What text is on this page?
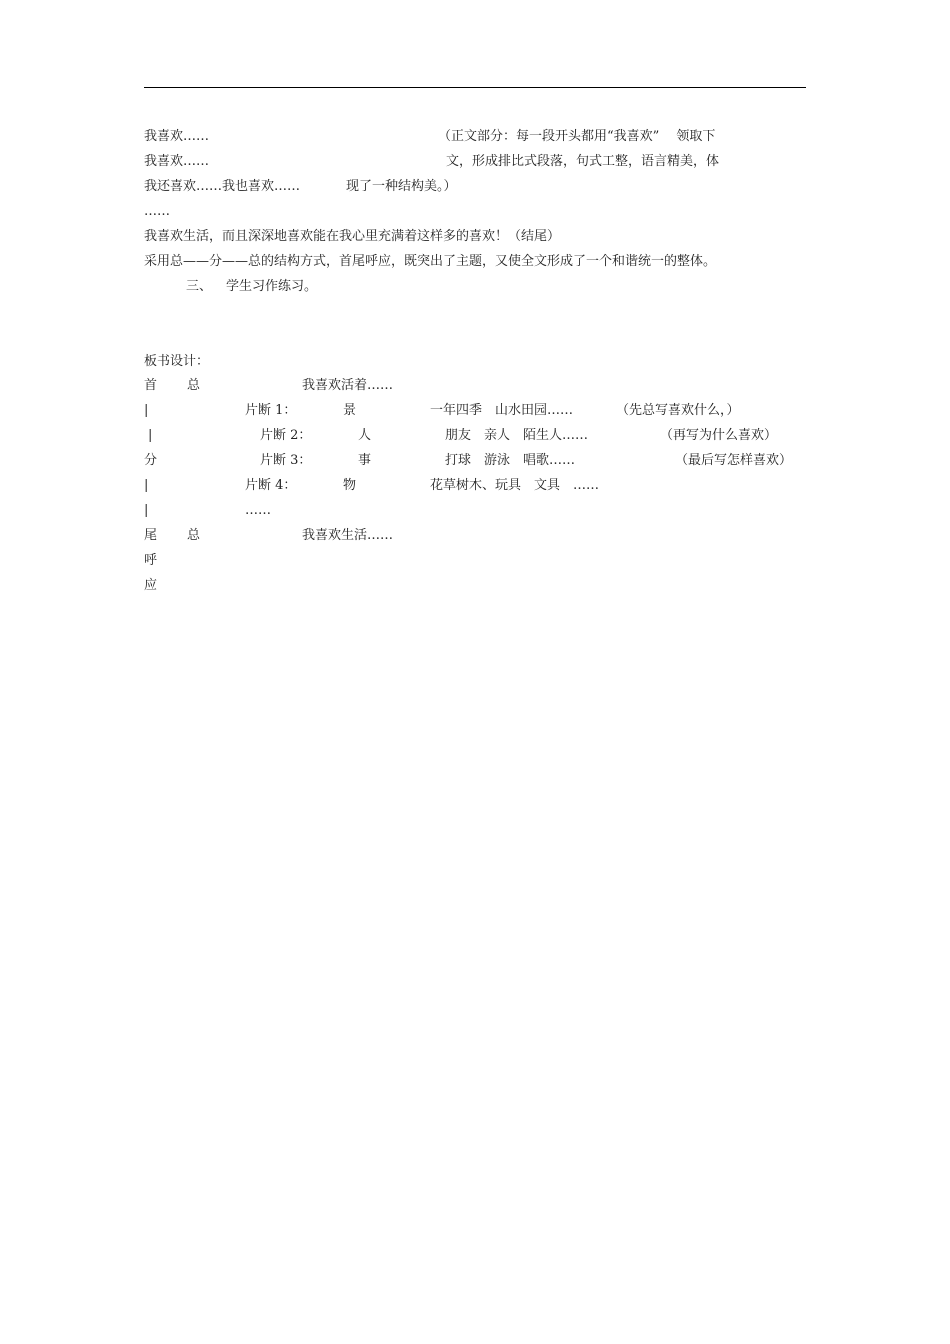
我喜欢……	（正文部分：每一段开头都用“我喜欢”　 领取下
我喜欢……	文，形成排比式段落，句式工整，语言精美，体
我还喜欢……我也喜欢……	现了一种结构美。）
……
我喜欢生活，而且深深地喜欢能在我心里充满着这样多的喜欢！（结尾）
采用总——分——总的结构方式，首尾呼应，既突出了主题，又使全文形成了一个和谐统一的整体。
三、 学生习作练习。
板书设计：
首 总	我喜欢活着……
|	片断 1：	景	一年四季　山水田园……	（先总写喜欢什么，）
|	片断 2：	人	朋友　亲人　陌生人……	（再写为什么喜欢）
分	片断 3：	事	打球　游泳　唱歌……	（最后写怎样喜欢）
|	片断 4：	物	花草树木、玩具　文具　……
|	……
尾 总	我喜欢生活……
呼
应
